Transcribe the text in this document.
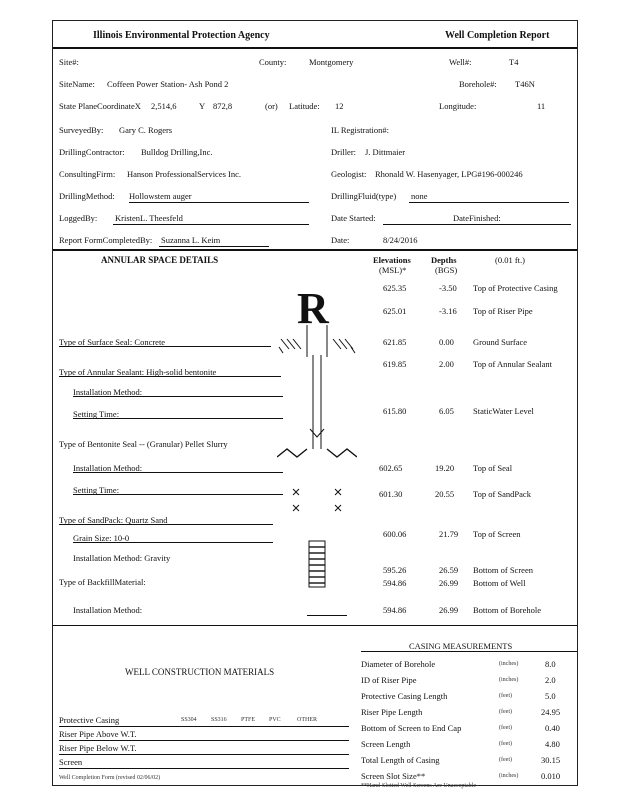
Illinois Environmental Protection Agency	Well Completion Report
Site#:	County:	Montgomery	Well#:	T4
SiteName: Coffeen Power Station- Ash Pond 2	Borehole#: T46N
State PlaneCoordinateX 2,514,6	Y 872,8	(or) Latitude: 12	Longitude:	11
SurveyedBy: Gary C. Rogers	IL Registration#:
DrillingContractor: Bulldog Drilling,Inc.	Driller: J. Dittmaier
ConsultingFirm: Hanson ProfessionalServices Inc.	Geologist: Rhonald W. Hasenyager, LPG#196-000246
DrillingMethod: Hollowstem auger	DrillingFluid(type) none
LoggedBy: KristenL. Theesfeld	Date Started:	DateFinished:
Report FormCompletedBy: Suzanna L. Keim	Date:	8/24/2016
ANNULAR SPACE DETAILS	Elevations
(MSL)*
Depths
(BGS)
(0.01 ft.)
625.35	-3.50 Top of Protective Casing
625.01	-3.16 Top of Riser Pipe
621.85	0.00 Ground Surface
619.85	2.00 Top of Annular Sealant
615.80	6.05 StaticWater Level
602.65	19.20 Top of Seal
601.30	20.55 Top of SandPack
600.06	21.79 Top of Screen
595.26	26.59 Bottom of Screen
594.86	26.99 Bottom of Well
594.86	26.99 Bottom of Borehole
Type of Surface Seal: Concrete
Type of Annular Sealant: High-solid bentonite
Installation Method:
Setting Time:
Type of Bentonite Seal -- (Granular) Pellet Slurry
Installation Method:
Setting Time:
Type of SandPack: Quartz Sand
Grain Size: 10-0
Installation Method: Gravity
Type of BackfillMaterial:
Installation Method:
R
CASING MEASUREMENTS
Diameter of Borehole	(inches)	8.0
ID of Riser Pipe	(inches)	2.0
Protective Casing Length	(feet)	5.0
Riser Pipe Length	(feet)	24.95
Bottom of Screen to End Cap	(feet)	0.40
Screen Length	(feet)	4.80
Total Length of Casing	(feet)	30.15
Screen Slot Size**	(inches)	0.010
**Hand-Slotted Well Screens Are Unacceptable
WELL CONSTRUCTION MATERIALS
SS304 SS316 PTFE PVC	OTHER
Protective Casing
Riser Pipe Above W.T.
Riser Pipe Below W.T.
Screen
Well Completion Form (revised 02/06/02)
